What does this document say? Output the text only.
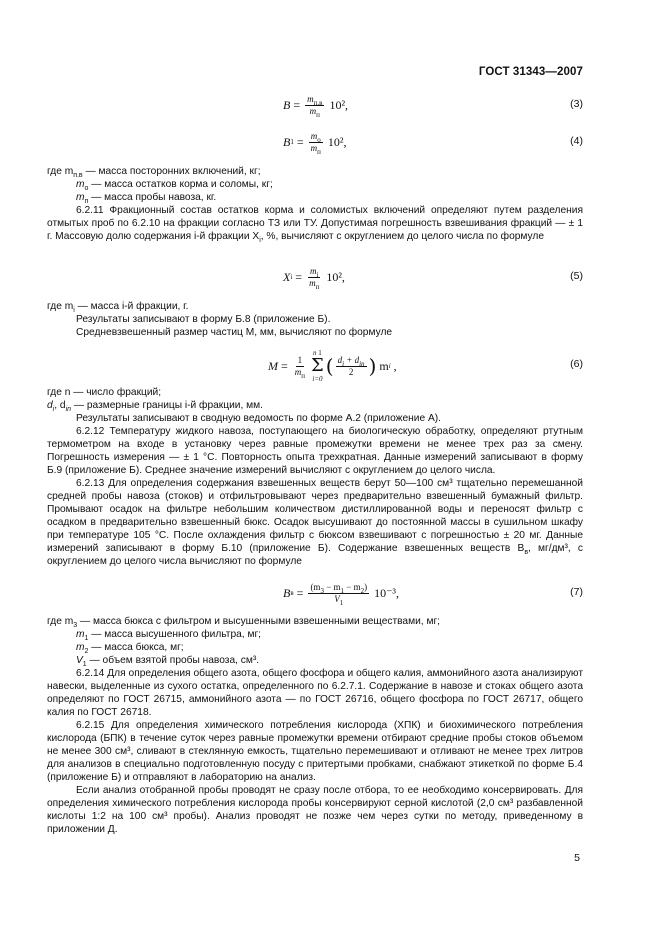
ГОСТ 31343—2007
$B = \frac{m_{п.в}}{m_п}$
10²,	(3)
B $1 = \frac{m_о}{m_п}$
10²,	(4)

где $m_{п.в}$ — масса посторонних включений, кг;

$m_о$ — масса остатков корма и соломы, кг;

$m_п$ — масса пробы навоза, кг.

6.2.11 Фракционный состав остатков корма и соломистых включений определяют путем разделения отмытых проб по 6.2.10 на фракции согласно ТЗ или ТУ. Допустимая погрешность взвешивания фракций — ± 1 г. Массовую долю содержания i-й фракции $X_i$, %, вычисляют с округлением до целого числа по формуле

X $i = \frac{m_i}{m_п}$
10²,	(5)

где $m_i$ — масса i-й фракции, г.

Результаты записывают в форму Б.8 (приложение Б).

Средневзвешенный размер частиц M, мм, вычисляют по формуле

$M = \frac{1}{m_п}$
n 1
Σ
i=0
( $\frac{d_i + d_{in}}{2}$ )
m i
,	(6)

где n — число фракций;

$d_i$, $d_{in}$ — размерные границы i-й фракции, мм.

Результаты записывают в сводную ведомость по форме А.2 (приложение А).

6.2.12 Температуру жидкого навоза, поступающего на биологическую обработку, определяют ртутным термометром на входе в установку через равные промежутки времени не менее трех раз за смену. Погрешность измерения — ± 1 °С. Повторность опыта трехкратная. Данные измерений записывают в форму Б.9 (приложение Б). Среднее значение измерений вычисляют с округлением до целого числа.

6.2.13 Для определения содержания взвешенных веществ берут 50—100 см³ тщательно перемешанной средней пробы навоза (стоков) и отфильтровывают через предварительно взвешенный бумажный фильтр. Промывают осадок на фильтре небольшим количеством дистиллированной воды и переносят фильтр с осадком в предварительно взвешенный бюкс. Осадок высушивают до постоянной массы в сушильном шкафу при температуре 105 °С. После охлаждения фильтр с бюксом взвешивают с погрешностью ± 20 мг. Данные измерений записывают в форму Б.10 (приложение Б). Содержание взвешенных веществ $B_в$, мг/дм³, с округлением до целого числа вычисляют по формуле

B $в = \frac{(m_3 - m_1 - m_2)}{V_1}$
10⁻³,	(7)

где $m_3$ — масса бюкса с фильтром и высушенными взвешенными веществами, мг;

$m_1$ — масса высушенного фильтра, мг;

$m_2$ — масса бюкса, мг;

$V_1$ — объем взятой пробы навоза, см³.

6.2.14 Для определения общего азота, общего фосфора и общего калия, аммонийного азота анализируют навески, выделенные из сухого остатка, определенного по 6.2.7.1. Содержание в навозе и стоках общего азота определяют по ГОСТ 26715, аммонийного азота — по ГОСТ 26716, общего фосфора по ГОСТ 26717, общего калия по ГОСТ 26718.

6.2.15 Для определения химического потребления кислорода (ХПК) и биохимического потребления кислорода (БПК) в течение суток через равные промежутки времени отбирают средние пробы стоков объемом не менее 300 см³, сливают в стеклянную емкость, тщательно перемешивают и отливают не менее трех литров для анализов в специально подготовленную посуду с притертыми пробками, снабжают этикеткой по форме Б.4 (приложение Б) и отправляют в лабораторию на анализ.

Если анализ отобранной пробы проводят не сразу после отбора, то ее необходимо консервировать. Для определения химического потребления кислорода пробы консервируют серной кислотой (2,0 см³ разбавленной кислоты 1:2 на 100 см³ пробы). Анализ проводят не позже чем через сутки по методу, приведенному в приложении Д.

5
